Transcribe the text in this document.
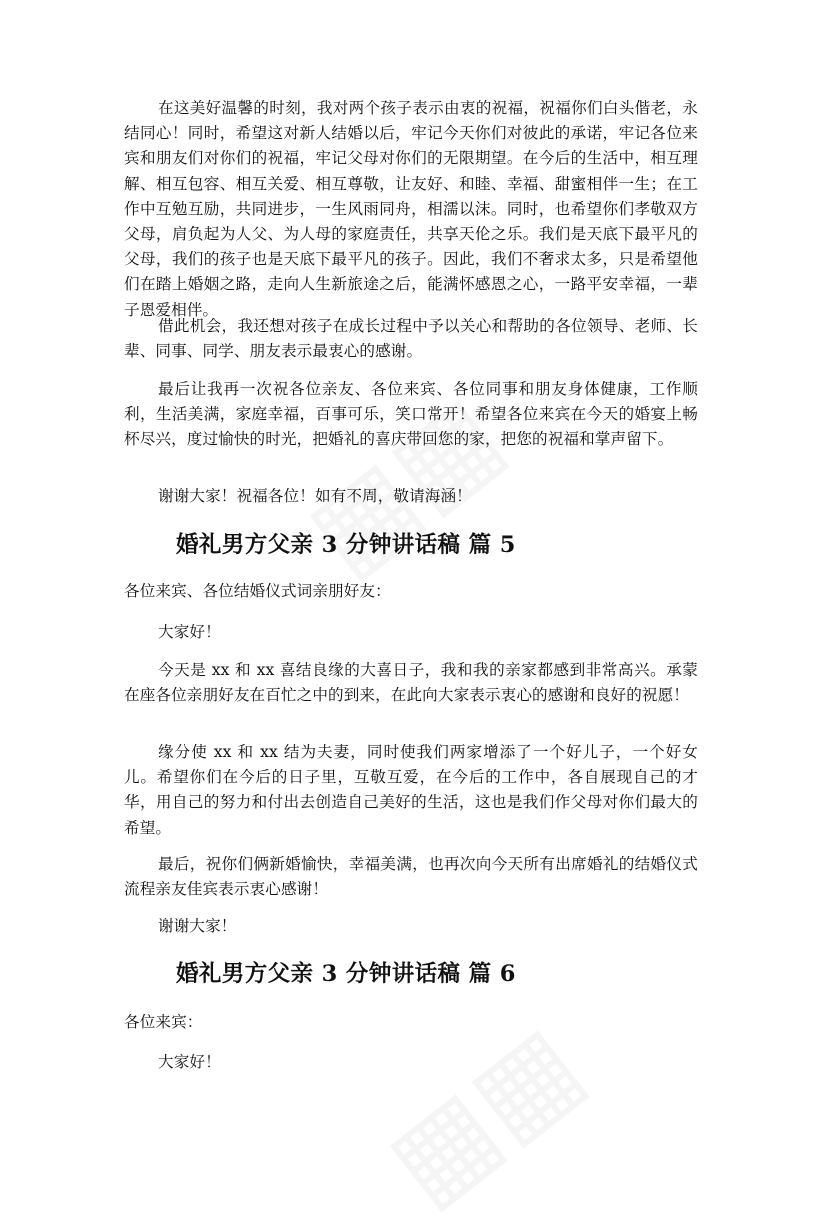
在这美好温馨的时刻，我对两个孩子表示由衷的祝福，祝福你们白头偕老，永结同心！同时，希望这对新人结婚以后，牢记今天你们对彼此的承诺，牢记各位来宾和朋友们对你们的祝福，牢记父母对你们的无限期望。在今后的生活中，相互理解、相互包容、相互关爱、相互尊敬，让友好、和睦、幸福、甜蜜相伴一生；在工作中互勉互励，共同进步，一生风雨同舟，相濡以沫。同时，也希望你们孝敬双方父母，肩负起为人父、为人母的家庭责任，共享天伦之乐。我们是天底下最平凡的父母，我们的孩子也是天底下最平凡的孩子。因此，我们不奢求太多，只是希望他们在踏上婚姻之路，走向人生新旅途之后，能满怀感恩之心，一路平安幸福，一辈子恩爱相伴。

借此机会，我还想对孩子在成长过程中予以关心和帮助的各位领导、老师、长辈、同事、同学、朋友表示最衷心的感谢。

最后让我再一次祝各位亲友、各位来宾、各位同事和朋友身体健康，工作顺利，生活美满，家庭幸福，百事可乐，笑口常开！希望各位来宾在今天的婚宴上畅杯尽兴，度过愉快的时光，把婚礼的喜庆带回您的家，把您的祝福和掌声留下。

谢谢大家！祝福各位！如有不周，敬请海涵！

婚礼男方父亲 3 分钟讲话稿 篇 5

各位来宾、各位结婚仪式词亲朋好友：

大家好！

今天是 xx 和 xx 喜结良缘的大喜日子，我和我的亲家都感到非常高兴。承蒙在座各位亲朋好友在百忙之中的到来，在此向大家表示衷心的感谢和良好的祝愿！

缘分使 xx 和 xx 结为夫妻，同时使我们两家增添了一个好儿子，一个好女儿。希望你们在今后的日子里，互敬互爱，在今后的工作中，各自展现自己的才华，用自己的努力和付出去创造自己美好的生活，这也是我们作父母对你们最大的希望。

最后，祝你们俩新婚愉快，幸福美满，也再次向今天所有出席婚礼的结婚仪式流程亲友佳宾表示衷心感谢！

谢谢大家！

婚礼男方父亲 3 分钟讲话稿 篇 6

各位来宾：

大家好！
